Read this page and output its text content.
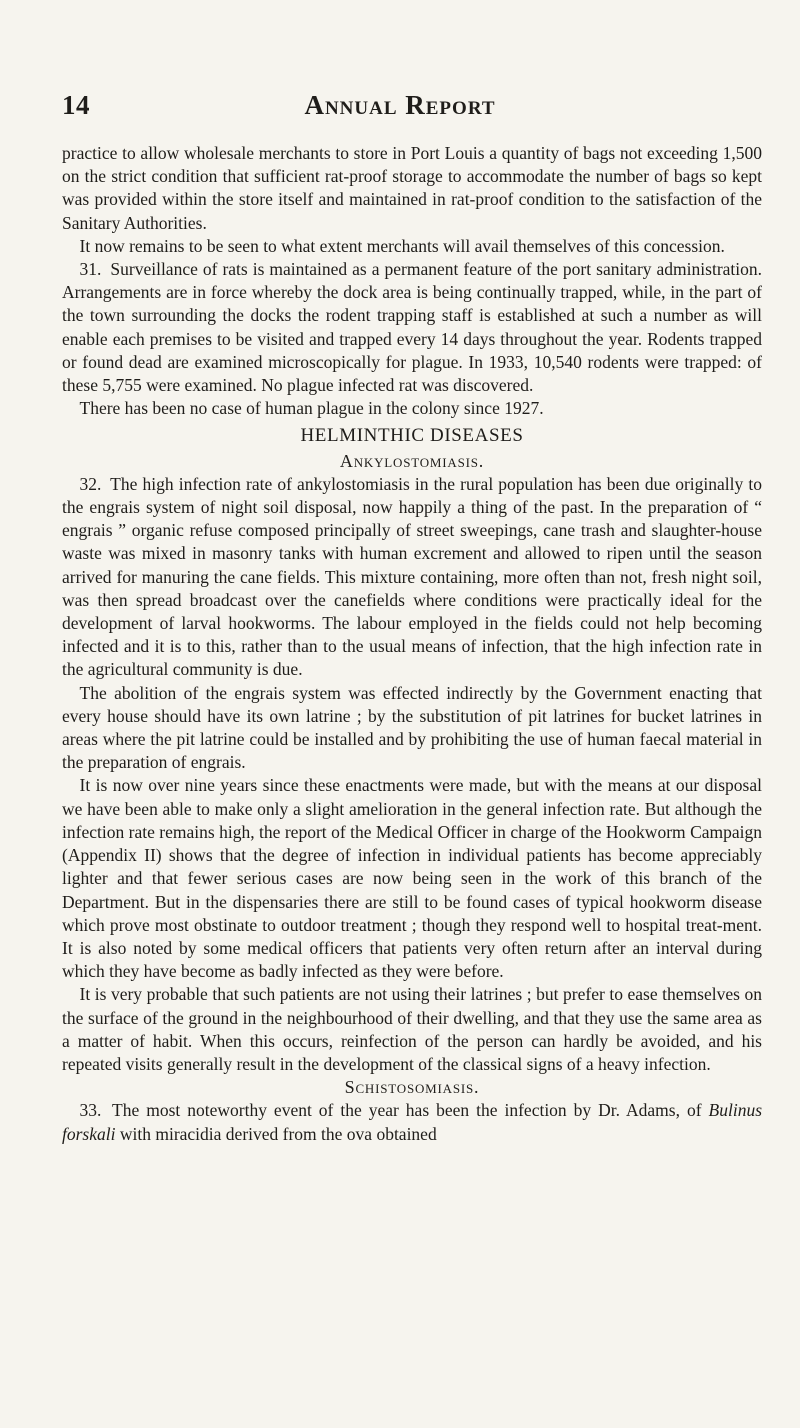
14	Annual Report

practice to allow wholesale merchants to store in Port Louis a quantity of bags not exceeding 1,500 on the strict condition that sufficient rat-proof storage to accommodate the number of bags so kept was provided within the store itself and maintained in rat-proof condition to the satisfaction of the Sanitary Authorities.

 It now remains to be seen to what extent merchants will avail themselves of this concession.

 31. Surveillance of rats is maintained as a permanent feature of the port sanitary administration. Arrangements are in force whereby the dock area is being continually trapped, while, in the part of the town surrounding the docks the rodent trapping staff is established at such a number as will enable each premises to be visited and trapped every 14 days throughout the year. Rodents trapped or found dead are examined microscopically for plague. In 1933, 10,540 rodents were trapped: of these 5,755 were examined. No plague infected rat was discovered.

 There has been no case of human plague in the colony since 1927.

HELMINTHIC DISEASES
Ankylostomiasis.

 32. The high infection rate of ankylostomiasis in the rural population has been due originally to the engrais system of night soil disposal, now happily a thing of the past. In the preparation of “ engrais ” organic refuse composed principally of street sweepings, cane trash and slaughter-house waste was mixed in masonry tanks with human excrement and allowed to ripen until the season arrived for manuring the cane fields. This mixture containing, more often than not, fresh night soil, was then spread broadcast over the canefields where conditions were practically ideal for the development of larval hookworms. The labour employed in the fields could not help becoming infected and it is to this, rather than to the usual means of infection, that the high infection rate in the agricultural community is due.

 The abolition of the engrais system was effected indirectly by the Government enacting that every house should have its own latrine ; by the substitution of pit latrines for bucket latrines in areas where the pit latrine could be installed and by prohibiting the use of human faecal material in the preparation of engrais.

 It is now over nine years since these enactments were made, but with the means at our disposal we have been able to make only a slight amelioration in the general infection rate. But although the infection rate remains high, the report of the Medical Officer in charge of the Hookworm Campaign (Appendix II) shows that the degree of infection in individual patients has become appreciably lighter and that fewer serious cases are now being seen in the work of this branch of the Department. But in the dispensaries there are still to be found cases of typical hookworm disease which prove most obstinate to outdoor treatment ; though they respond well to hospital treat-ment. It is also noted by some medical officers that patients very often return after an interval during which they have become as badly infected as they were before.

 It is very probable that such patients are not using their latrines ; but prefer to ease themselves on the surface of the ground in the neighbourhood of their dwelling, and that they use the same area as a matter of habit. When this occurs, reinfection of the person can hardly be avoided, and his repeated visits generally result in the development of the classical signs of a heavy infection.

Schistosomiasis.

 33. The most noteworthy event of the year has been the infection by Dr. Adams, of Bulinus forskali with miracidia derived from the ova obtained
